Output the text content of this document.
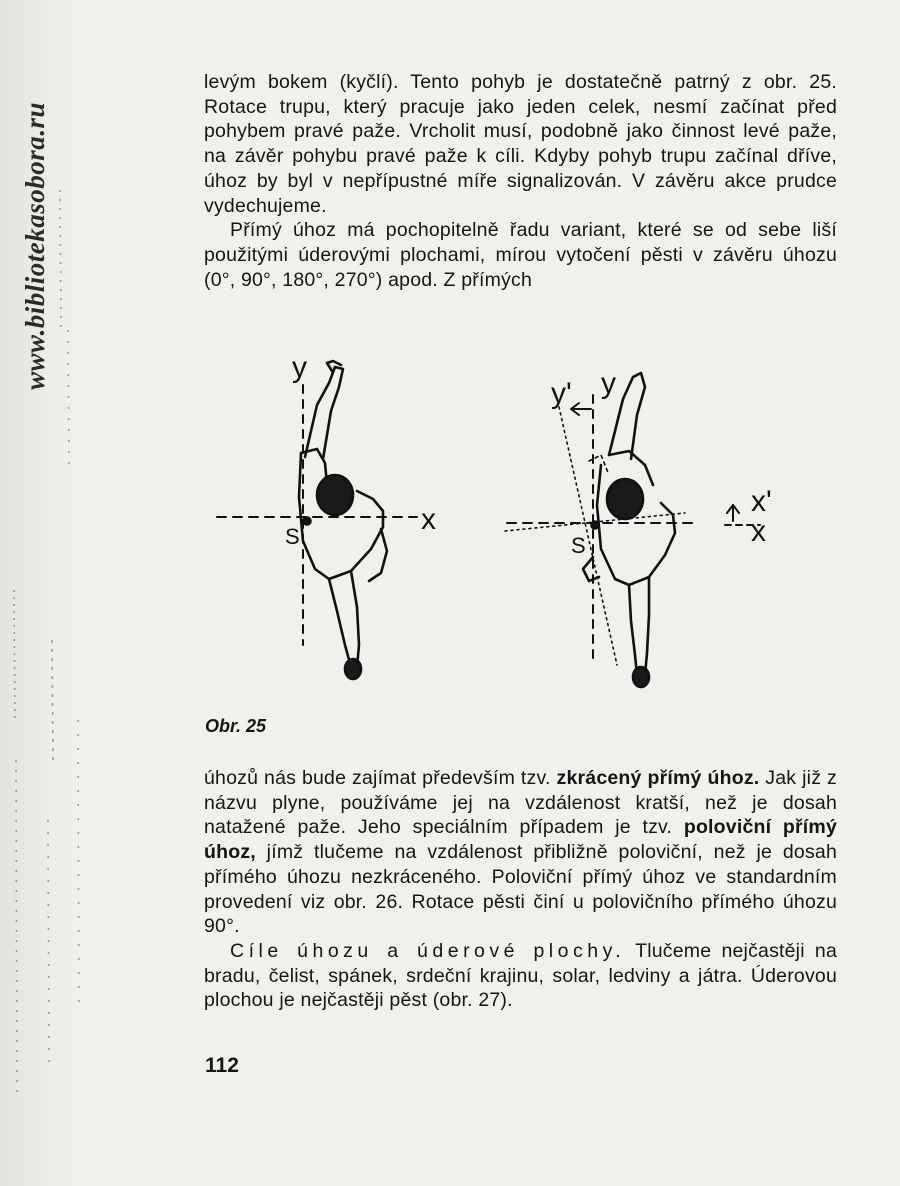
www.bibliotekasobora.ru

levým bokem (kyčlí). Tento pohyb je dostatečně patrný z obr. 25. Rotace trupu, který pracuje jako jeden celek, nesmí začínat před pohybem pravé paže. Vrcholit musí, podobně jako činnost levé paže, na závěr pohybu pravé paže k cíli. Kdyby pohyb trupu začínal dříve, úhoz by byl v nepřípustné míře signalizován. V závěru akce prudce vydechujeme.

Přímý úhoz má pochopitelně řadu variant, které se od sebe liší použitými úderovými plochami, mírou vytočení pěsti v závěru úhozu (0°, 90°, 180°, 270°) apod. Z přímých

y
x
S
y' y
x'
x
S
Obr. 25

úhozů nás bude zajímat především tzv. zkrácený přímý úhoz. Jak již z názvu plyne, používáme jej na vzdálenost kratší, než je dosah natažené paže. Jeho speciálním případem je tzv. poloviční přímý úhoz, jímž tlučeme na vzdálenost přibližně poloviční, než je dosah přímého úhozu nezkráceného. Poloviční přímý úhoz ve standardním provedení viz obr. 26. Rotace pěsti činí u polovičního přímého úhozu 90°.

Cíle úhozu a úderové plochy. Tlučeme nejčastěji na bradu, čelist, spánek, srdeční krajinu, solar, ledviny a játra. Úderovou plochou je nejčastěji pěst (obr. 27).

112
